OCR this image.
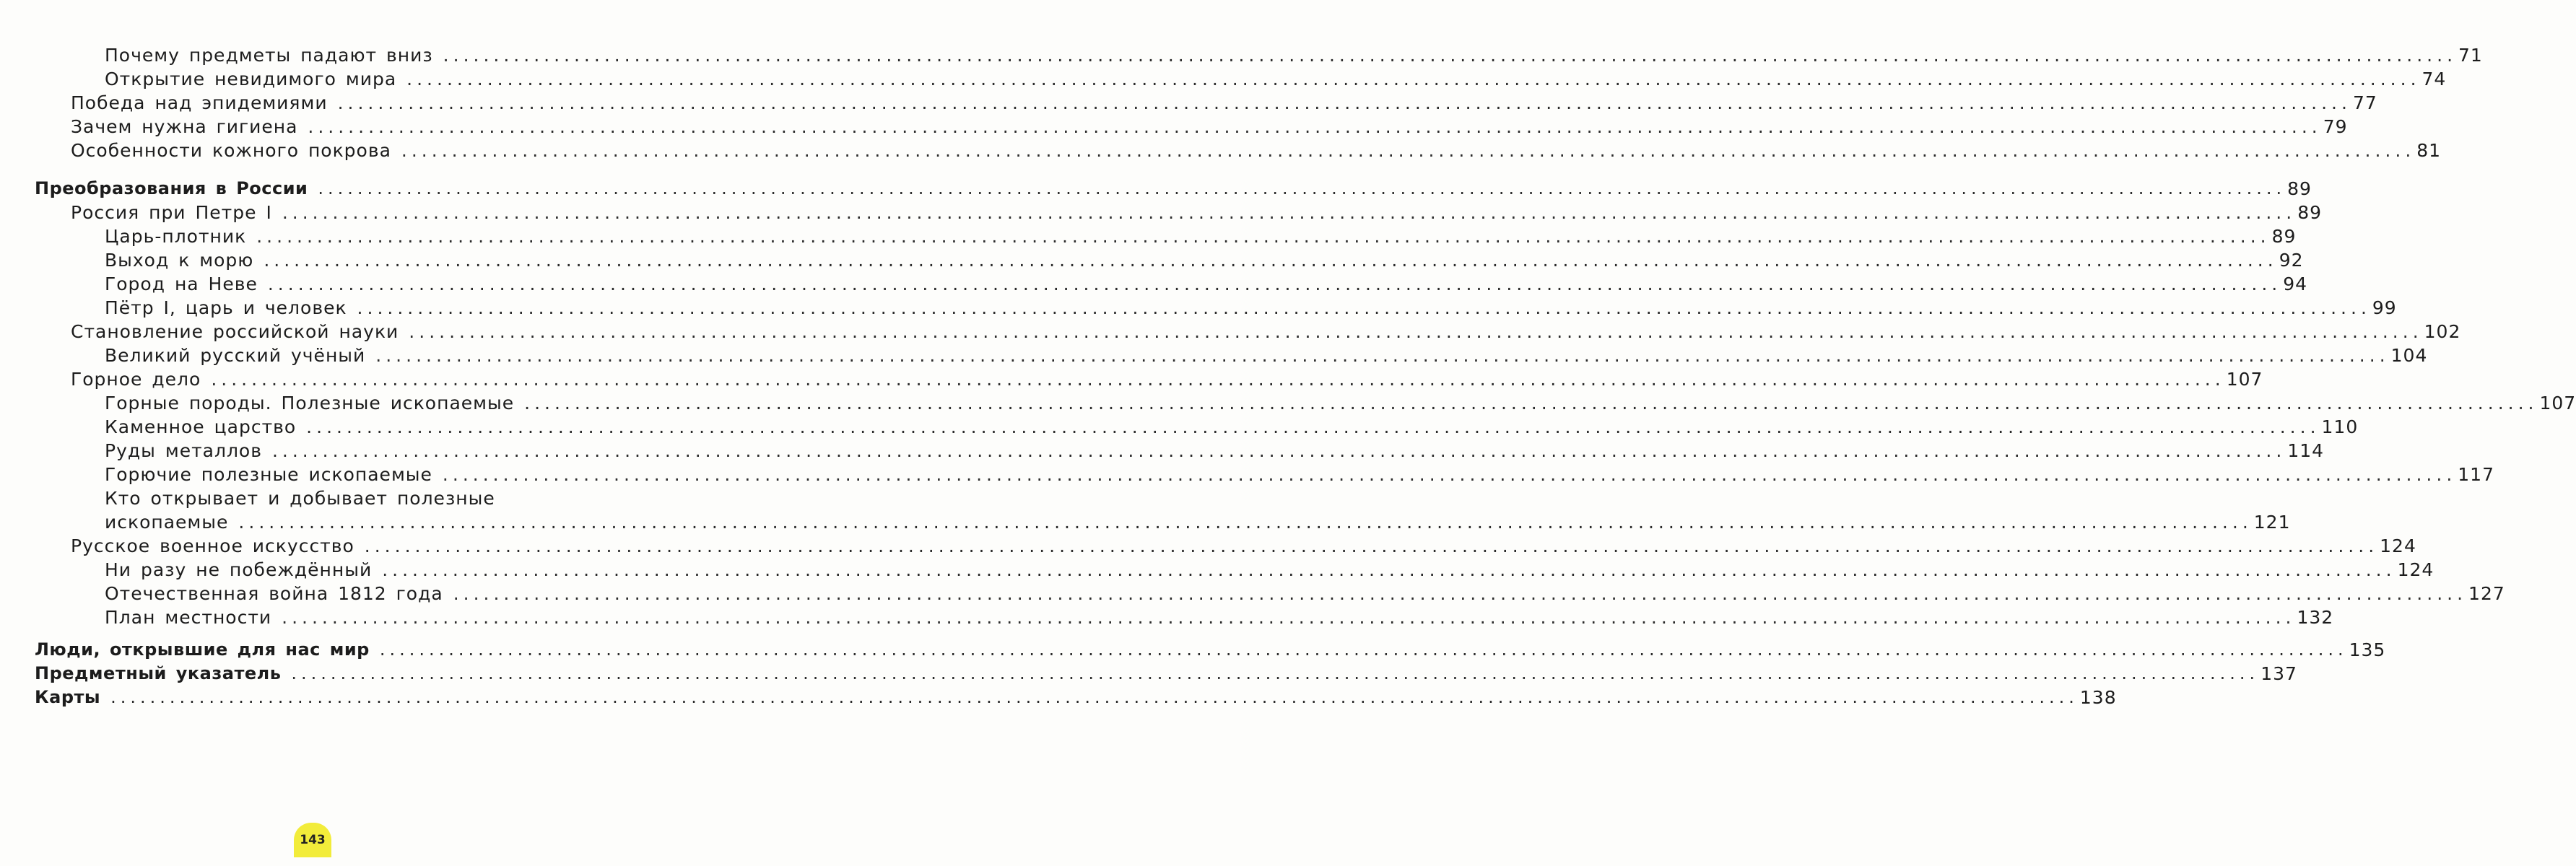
Почему предметы падают вниз ........................................................................................................................................................................................................ 71
Открытие невидимого мира ........................................................................................................................................................................................................ 74
Победа над эпидемиями ........................................................................................................................................................................................................ 77
Зачем нужна гигиена ........................................................................................................................................................................................................ 79
Особенности кожного покрова ........................................................................................................................................................................................................ 81
Преобразования в России ........................................................................................................................................................................................................ 89
Россия при Петре I ........................................................................................................................................................................................................ 89
Царь-плотник ........................................................................................................................................................................................................ 89
Выход к морю ........................................................................................................................................................................................................ 92
Город на Неве ........................................................................................................................................................................................................ 94
Пётр I, царь и человек ........................................................................................................................................................................................................ 99
Становление российской науки ........................................................................................................................................................................................................ 102
Великий русский учёный ........................................................................................................................................................................................................ 104
Горное дело ........................................................................................................................................................................................................ 107
Горные породы. Полезные ископаемые ........................................................................................................................................................................................................ 107
Каменное царство ........................................................................................................................................................................................................ 110
Руды металлов ........................................................................................................................................................................................................ 114
Горючие полезные ископаемые ........................................................................................................................................................................................................ 117
Кто открывает и добывает полезные
ископаемые ........................................................................................................................................................................................................ 121
Русское военное искусство ........................................................................................................................................................................................................ 124
Ни разу не побеждённый ........................................................................................................................................................................................................ 124
Отечественная война 1812 года ........................................................................................................................................................................................................ 127
План местности ........................................................................................................................................................................................................ 132
Люди, открывшие для нас мир ........................................................................................................................................................................................................ 135
Предметный указатель ........................................................................................................................................................................................................ 137
Карты ........................................................................................................................................................................................................ 138
143
